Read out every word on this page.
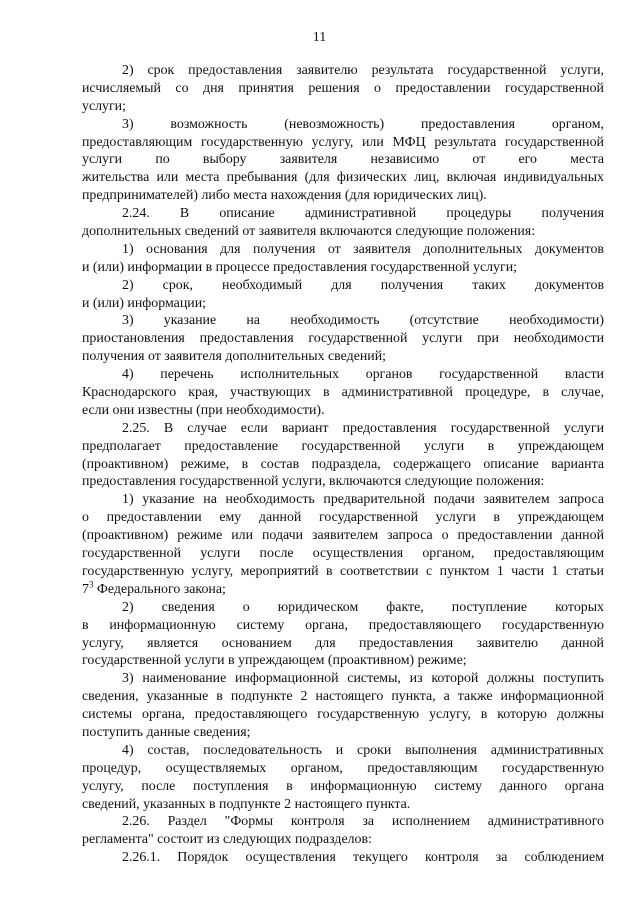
11
2) срок предоставления заявителю результата государственной услуги,
исчисляемый со дня принятия решения о предоставлении государственной
услуги;
3) возможность (невозможность) предоставления органом,
предоставляющим государственную услугу, или МФЦ результата государственной
услуги по выбору заявителя независимо от его места
жительства или места пребывания (для физических лиц, включая индивидуальных
предпринимателей) либо места нахождения (для юридических лиц).
2.24. В описание административной процедуры получения
дополнительных сведений от заявителя включаются следующие положения:
1) основания для получения от заявителя дополнительных документов
и (или) информации в процессе предоставления государственной услуги;
2) срок, необходимый для получения таких документов
и (или) информации;
3) указание на необходимость (отсутствие необходимости)
приостановления предоставления государственной услуги при необходимости
получения от заявителя дополнительных сведений;
4) перечень исполнительных органов государственной власти
Краснодарского края, участвующих в административной процедуре, в случае,
если они известны (при необходимости).
2.25. В случае если вариант предоставления государственной услуги
предполагает предоставление государственной услуги в упреждающем
(проактивном) режиме, в состав подраздела, содержащего описание варианта
предоставления государственной услуги, включаются следующие положения:
1) указание на необходимость предварительной подачи заявителем запроса
о предоставлении ему данной государственной услуги в упреждающем
(проактивном) режиме или подачи заявителем запроса о предоставлении данной
государственной услуги после осуществления органом, предоставляющим
государственную услугу, мероприятий в соответствии с пунктом 1 части 1 статьи
$7^3$ Федерального закона;
2) сведения о юридическом факте, поступление которых
в информационную систему органа, предоставляющего государственную
услугу, является основанием для предоставления заявителю данной
государственной услуги в упреждающем (проактивном) режиме;
3) наименование информационной системы, из которой должны поступить
сведения, указанные в подпункте 2 настоящего пункта, а также информационной
системы органа, предоставляющего государственную услугу, в которую должны
поступить данные сведения;
4) состав, последовательность и сроки выполнения административных
процедур, осуществляемых органом, предоставляющим государственную
услугу, после поступления в информационную систему данного органа
сведений, указанных в подпункте 2 настоящего пункта.
2.26. Раздел "Формы контроля за исполнением административного
регламента" состоит из следующих подразделов:
2.26.1. Порядок осуществления текущего контроля за соблюдением
